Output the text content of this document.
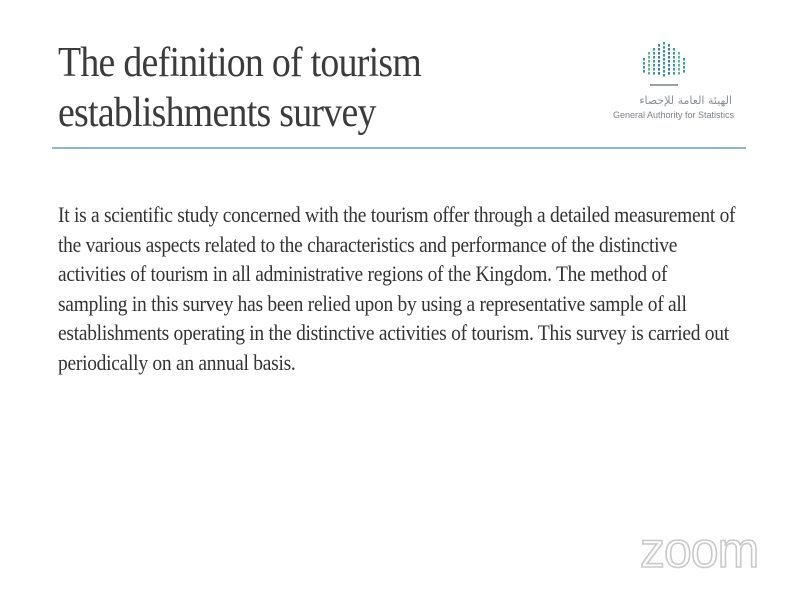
The definition of tourism establishments survey	الهيئة العامة للإحصاء
General Authority for Statistics

It is a scientific study concerned with the tourism offer through a detailed measurement of the various aspects related to the characteristics and performance of the distinctive activities of tourism in all administrative regions of the Kingdom. The method of sampling in this survey has been relied upon by using a representative sample of all establishments operating in the distinctive activities of tourism. This survey is carried out periodically on an annual basis.

zoom
